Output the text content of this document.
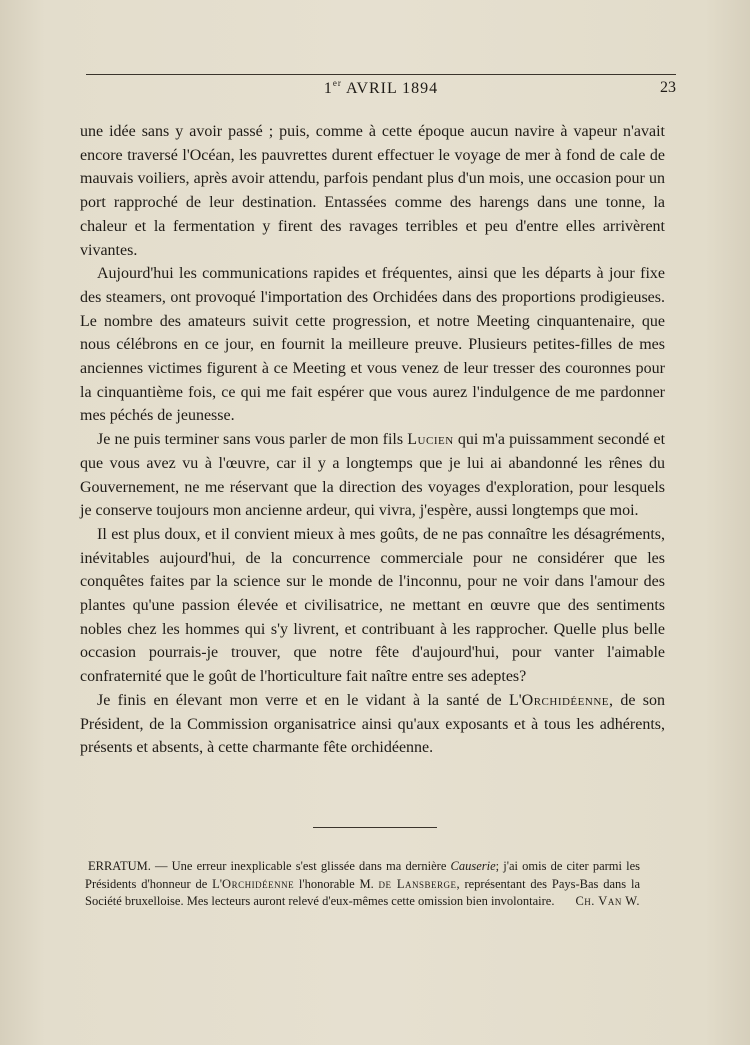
1er AVRIL 1894	23

une idée sans y avoir passé ; puis, comme à cette époque aucun navire à vapeur n'avait encore traversé l'Océan, les pauvrettes durent effectuer le voyage de mer à fond de cale de mauvais voiliers, après avoir attendu, parfois pendant plus d'un mois, une occasion pour un port rapproché de leur destination. Entassées comme des harengs dans une tonne, la chaleur et la fermentation y firent des ravages terribles et peu d'entre elles arrivèrent vivantes.

Aujourd'hui les communications rapides et fréquentes, ainsi que les départs à jour fixe des steamers, ont provoqué l'importation des Orchidées dans des proportions prodigieuses. Le nombre des amateurs suivit cette progression, et notre Meeting cinquantenaire, que nous célébrons en ce jour, en fournit la meilleure preuve. Plusieurs petites-filles de mes anciennes victimes figurent à ce Meeting et vous venez de leur tresser des couronnes pour la cinquantième fois, ce qui me fait espérer que vous aurez l'indulgence de me pardonner mes péchés de jeunesse.

Je ne puis terminer sans vous parler de mon fils Lucien qui m'a puissamment secondé et que vous avez vu à l'œuvre, car il y a longtemps que je lui ai abandonné les rênes du Gouvernement, ne me réservant que la direction des voyages d'exploration, pour lesquels je conserve toujours mon ancienne ardeur, qui vivra, j'espère, aussi longtemps que moi.

Il est plus doux, et il convient mieux à mes goûts, de ne pas connaître les désagréments, inévitables aujourd'hui, de la concurrence commerciale pour ne considérer que les conquêtes faites par la science sur le monde de l'inconnu, pour ne voir dans l'amour des plantes qu'une passion élevée et civilisatrice, ne mettant en œuvre que des sentiments nobles chez les hommes qui s'y livrent, et contribuant à les rapprocher. Quelle plus belle occasion pourrais-je trouver, que notre fête d'aujourd'hui, pour vanter l'aimable confraternité que le goût de l'horticulture fait naître entre ses adeptes?

Je finis en élevant mon verre et en le vidant à la santé de L'Orchidéenne, de son Président, de la Commission organisatrice ainsi qu'aux exposants et à tous les adhérents, présents et absents, à cette charmante fête orchidéenne.

ERRATUM. — Une erreur inexplicable s'est glissée dans ma dernière Causerie; j'ai omis de citer parmi les Présidents d'honneur de L'Orchidéenne l'honorable M. de Lansberge, représentant des Pays-Bas dans la Société bruxelloise. Mes lecteurs auront relevé d'eux-mêmes cette omission bien involontaire.	Ch. Van W.
